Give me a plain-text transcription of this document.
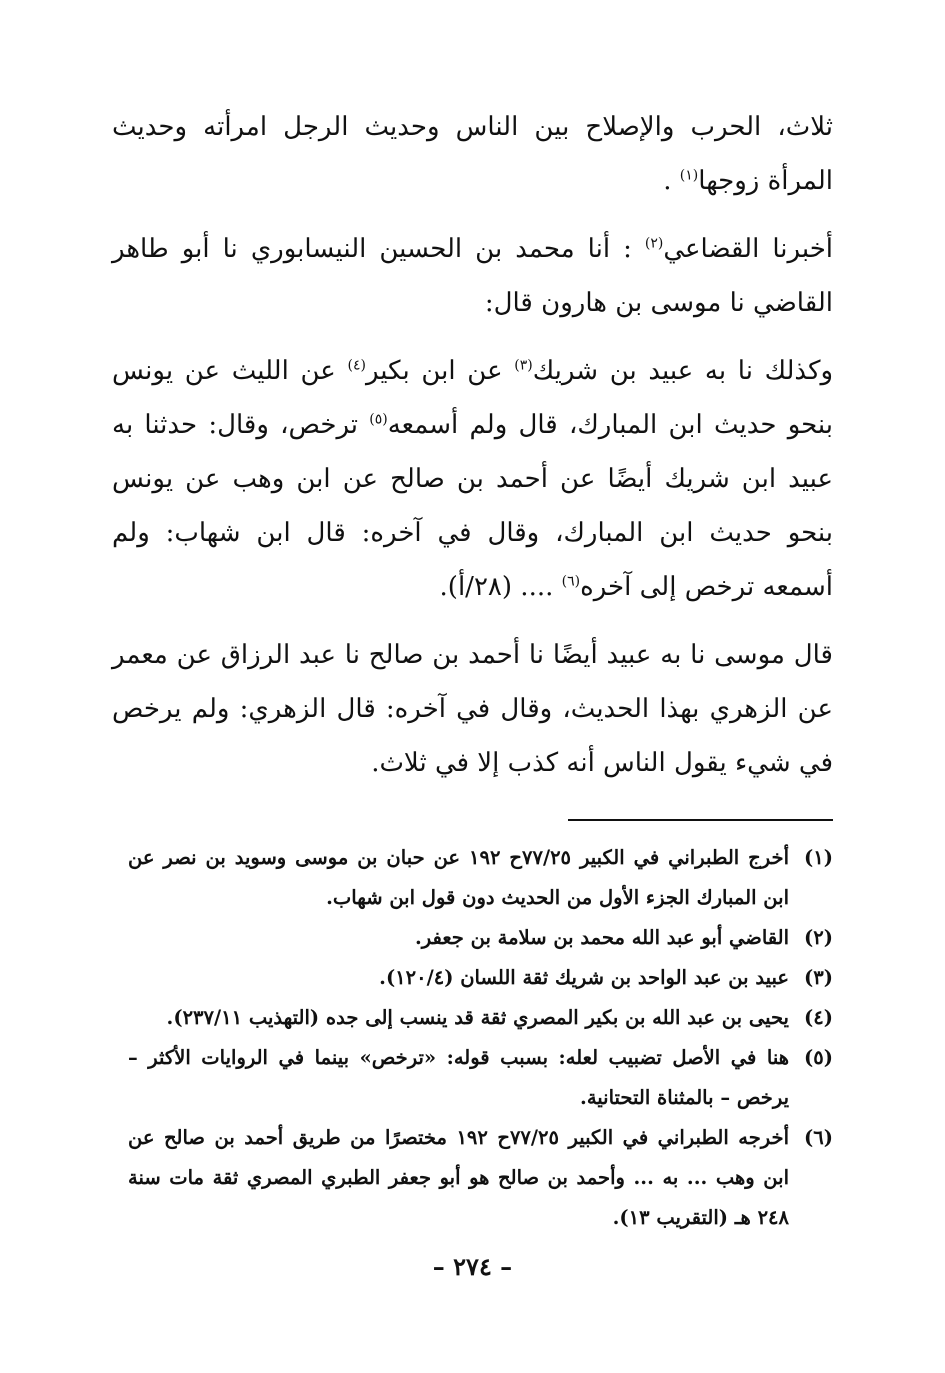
ثلاث، الحرب والإصلاح بين الناس وحديث الرجل امرأته وحديث المرأة زوجها$^{(١)}$ .

أخبرنا القضاعي$^{(٢)}$ : أنا محمد بن الحسين النيسابوري نا أبو طاهر القاضي نا موسى بن هارون قال:

وكذلك نا به عبيد بن شريك$^{(٣)}$ عن ابن بكير$^{(٤)}$ عن الليث عن يونس بنحو حديث ابن المبارك، قال ولم أسمعه$^{(٥)}$ ترخص، وقال: حدثنا به عبيد ابن شريك أيضًا عن أحمد بن صالح عن ابن وهب عن يونس بنحو حديث ابن المبارك، وقال في آخره: قال ابن شهاب: ولم أسمعه ترخص إلى آخره$^{(٦)}$ .... (٢٨/أ).

قال موسى نا به عبيد أيضًا نا أحمد بن صالح نا عبد الرزاق عن معمر عن الزهري بهذا الحديث، وقال في آخره: قال الزهري: ولم يرخص في شيء يقول الناس أنه كذب إلا في ثلاث.

(١)
أخرج الطبراني في الكبير ٧٧/٢٥ح ١٩٢ عن حبان بن موسى وسويد بن نصر عن ابن المبارك الجزء الأول من الحديث دون قول ابن شهاب.
(٢)
القاضي أبو عبد الله محمد بن سلامة بن جعفر.
(٣)
عبيد بن عبد الواحد بن شريك ثقة اللسان (١٢٠/٤).
(٤)
يحيى بن عبد الله بن بكير المصري ثقة قد ينسب إلى جده (التهذيب ٢٣٧/١١).
(٥)
هنا في الأصل تضبيب لعله: بسبب قوله: «ترخص» بينما في الروايات الأكثر – يرخص – بالمثناة التحتانية.
(٦)
أخرجه الطبراني في الكبير ٧٧/٢٥ح ١٩٢ مختصرًا من طريق أحمد بن صالح عن ابن وهب ... به ... وأحمد بن صالح هو أبو جعفر الطبري المصري ثقة مات سنة ٢٤٨ هـ (التقريب ١٣).
– ٢٧٤ –
